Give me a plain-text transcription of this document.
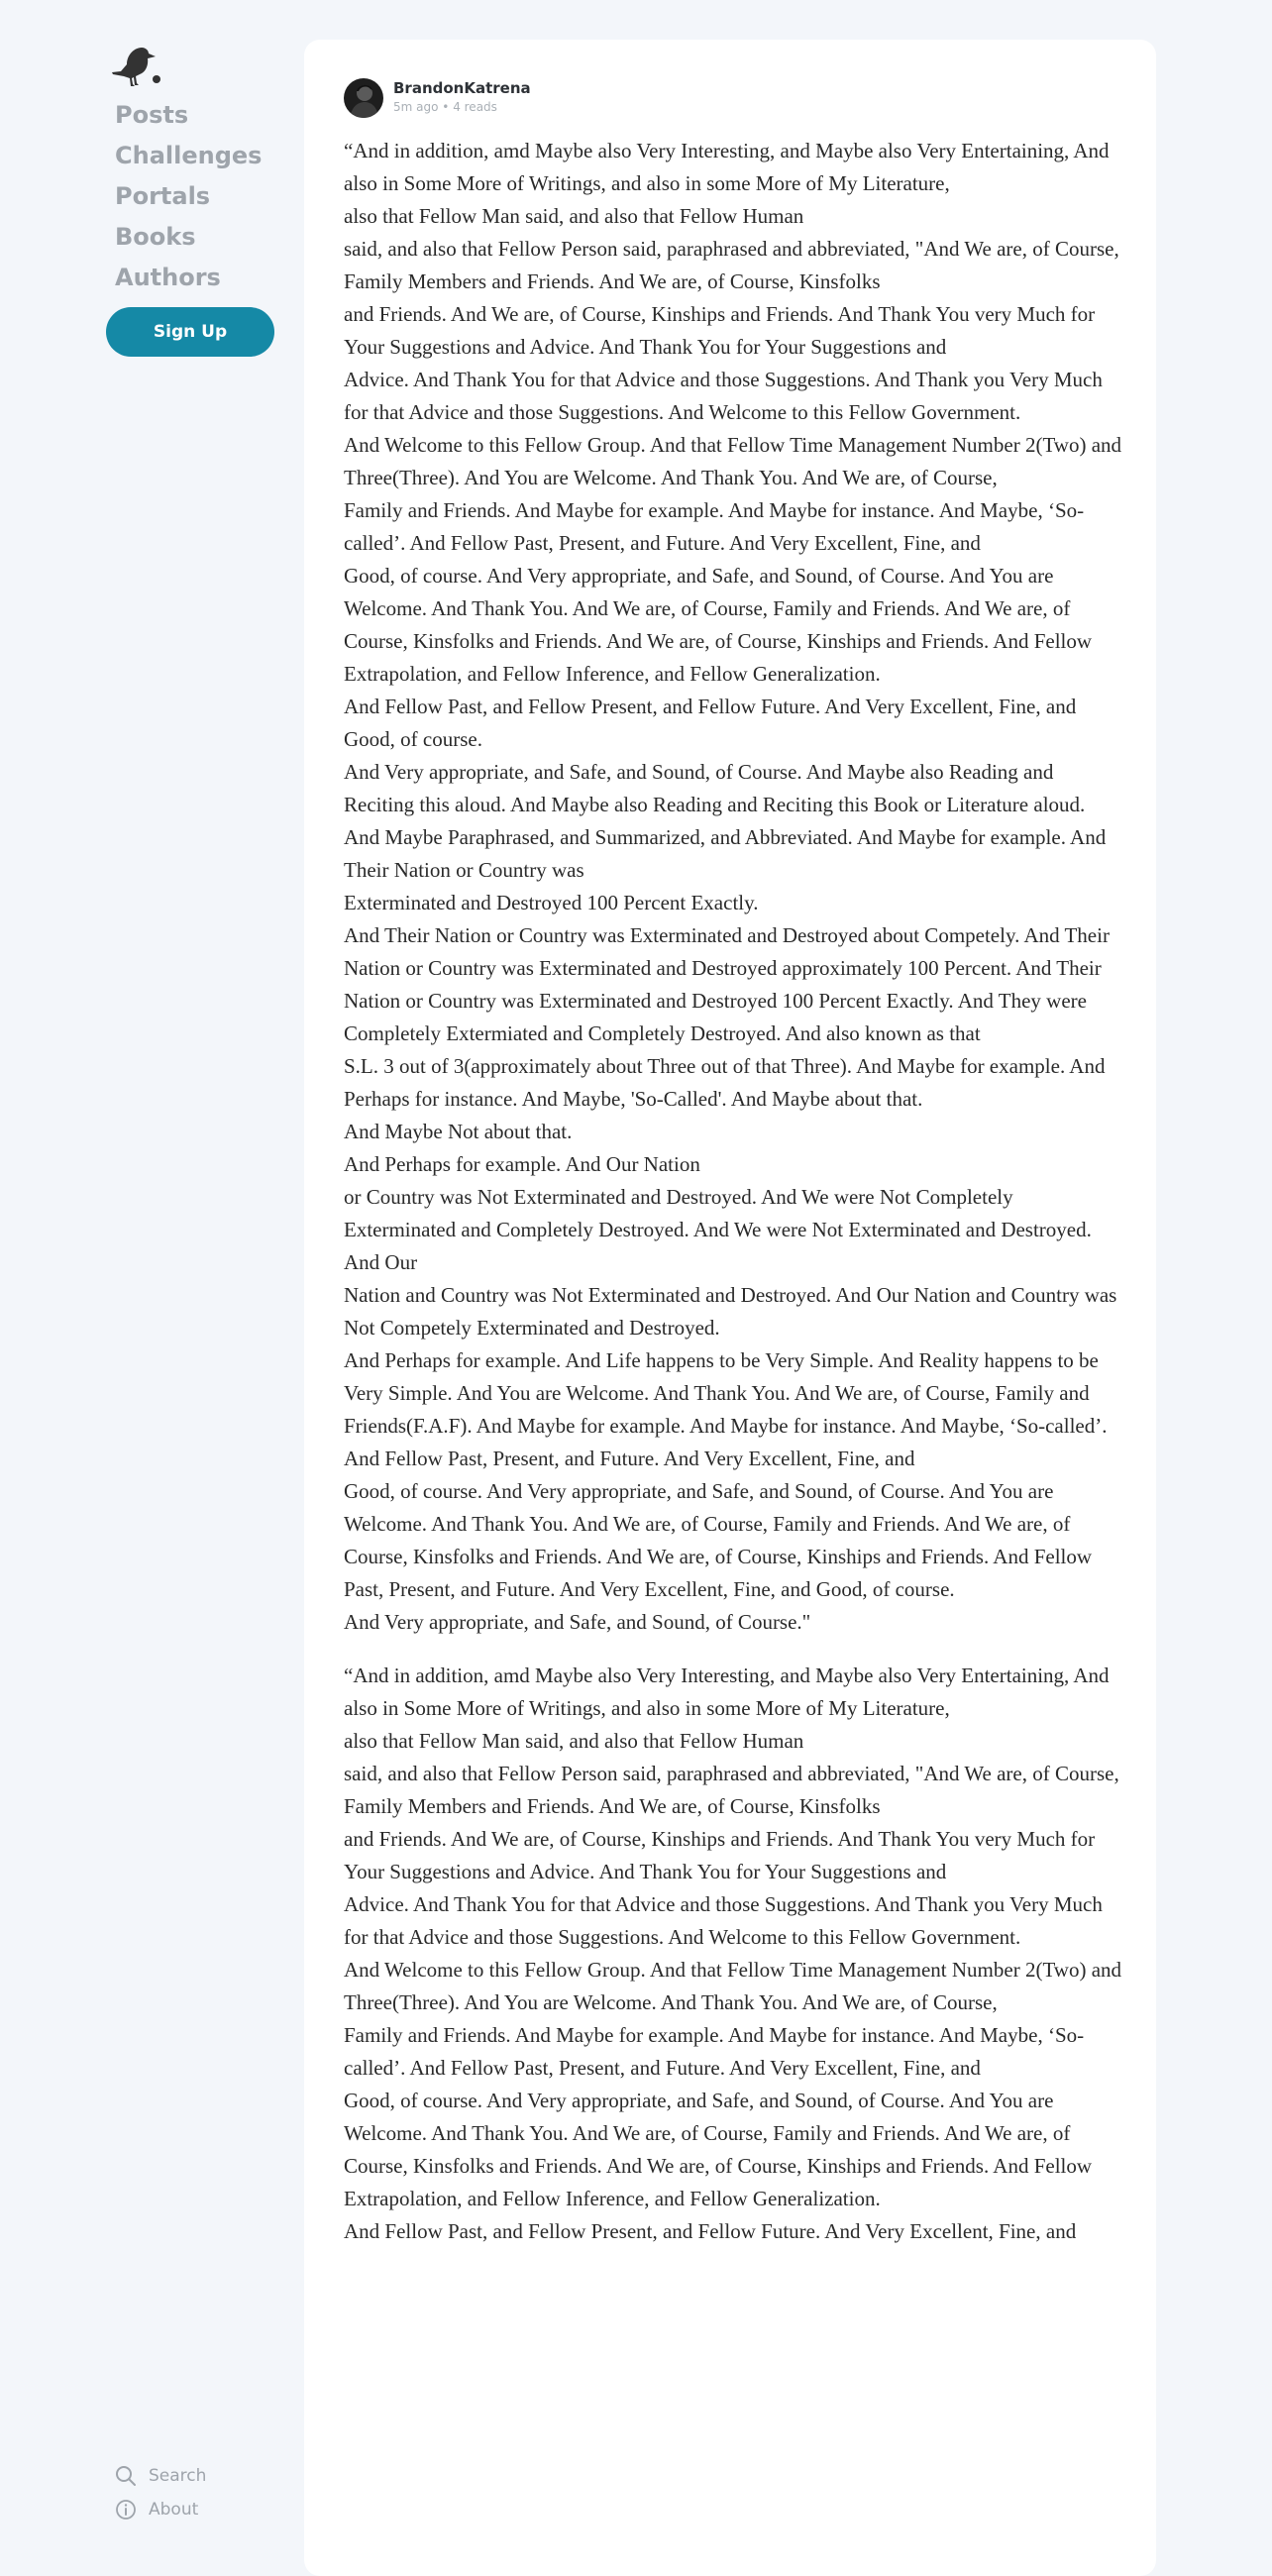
Posts
Challenges
Portals
Books
Authors
Sign Up
Search
About
BrandonKatrena
5m ago • 4 reads
“And in addition, amd Maybe also Very Interesting, and Maybe also Very Entertaining, And also in Some More of Writings, and also in some More of My Literature,
also that Fellow Man said, and also that Fellow Human
said, and also that Fellow Person said, paraphrased and abbreviated, "And We are, of Course, Family Members and Friends. And We are, of Course, Kinsfolks
and Friends. And We are, of Course, Kinships and Friends. And Thank You very Much for Your Suggestions and Advice. And Thank You for Your Suggestions and
Advice. And Thank You for that Advice and those Suggestions. And Thank you Very Much for that Advice and those Suggestions. And Welcome to this Fellow Government.
And Welcome to this Fellow Group. And that Fellow Time Management Number 2(Two) and Three(Three). And You are Welcome. And Thank You. And We are, of Course,
Family and Friends. And Maybe for example. And Maybe for instance. And Maybe, ‘So-called’. And Fellow Past, Present, and Future. And Very Excellent, Fine, and
Good, of course. And Very appropriate, and Safe, and Sound, of Course. And You are Welcome. And Thank You. And We are, of Course, Family and Friends. And We are, of Course, Kinsfolks and Friends. And We are, of Course, Kinships and Friends. And Fellow Extrapolation, and Fellow Inference, and Fellow Generalization.
And Fellow Past, and Fellow Present, and Fellow Future. And Very Excellent, Fine, and Good, of course.
And Very appropriate, and Safe, and Sound, of Course. And Maybe also Reading and Reciting this aloud. And Maybe also Reading and Reciting this Book or Literature aloud.
And Maybe Paraphrased, and Summarized, and Abbreviated. And Maybe for example. And Their Nation or Country was
Exterminated and Destroyed 100 Percent Exactly.
And Their Nation or Country was Exterminated and Destroyed about Competely. And Their Nation or Country was Exterminated and Destroyed approximately 100 Percent. And Their Nation or Country was Exterminated and Destroyed 100 Percent Exactly. And They were Completely Extermiated and Completely Destroyed. And also known as that
S.L. 3 out of 3(approximately about Three out of that Three). And Maybe for example. And Perhaps for instance. And Maybe, 'So-Called'. And Maybe about that.
And Maybe Not about that.
And Perhaps for example. And Our Nation
or Country was Not Exterminated and Destroyed. And We were Not Completely Exterminated and Completely Destroyed. And We were Not Exterminated and Destroyed. And Our
Nation and Country was Not Exterminated and Destroyed. And Our Nation and Country was Not Competely Exterminated and Destroyed.
And Perhaps for example. And Life happens to be Very Simple. And Reality happens to be Very Simple. And You are Welcome. And Thank You. And We are, of Course, Family and Friends(F.A.F). And Maybe for example. And Maybe for instance. And Maybe, ‘So-called’. And Fellow Past, Present, and Future. And Very Excellent, Fine, and
Good, of course. And Very appropriate, and Safe, and Sound, of Course. And You are Welcome. And Thank You. And We are, of Course, Family and Friends. And We are, of Course, Kinsfolks and Friends. And We are, of Course, Kinships and Friends. And Fellow Past, Present, and Future. And Very Excellent, Fine, and Good, of course.
And Very appropriate, and Safe, and Sound, of Course."
“And in addition, amd Maybe also Very Interesting, and Maybe also Very Entertaining, And also in Some More of Writings, and also in some More of My Literature,
also that Fellow Man said, and also that Fellow Human
said, and also that Fellow Person said, paraphrased and abbreviated, "And We are, of Course, Family Members and Friends. And We are, of Course, Kinsfolks
and Friends. And We are, of Course, Kinships and Friends. And Thank You very Much for Your Suggestions and Advice. And Thank You for Your Suggestions and
Advice. And Thank You for that Advice and those Suggestions. And Thank you Very Much for that Advice and those Suggestions. And Welcome to this Fellow Government.
And Welcome to this Fellow Group. And that Fellow Time Management Number 2(Two) and Three(Three). And You are Welcome. And Thank You. And We are, of Course,
Family and Friends. And Maybe for example. And Maybe for instance. And Maybe, ‘So-called’. And Fellow Past, Present, and Future. And Very Excellent, Fine, and
Good, of course. And Very appropriate, and Safe, and Sound, of Course. And You are Welcome. And Thank You. And We are, of Course, Family and Friends. And We are, of Course, Kinsfolks and Friends. And We are, of Course, Kinships and Friends. And Fellow Extrapolation, and Fellow Inference, and Fellow Generalization.
And Fellow Past, and Fellow Present, and Fellow Future. And Very Excellent, Fine, and
